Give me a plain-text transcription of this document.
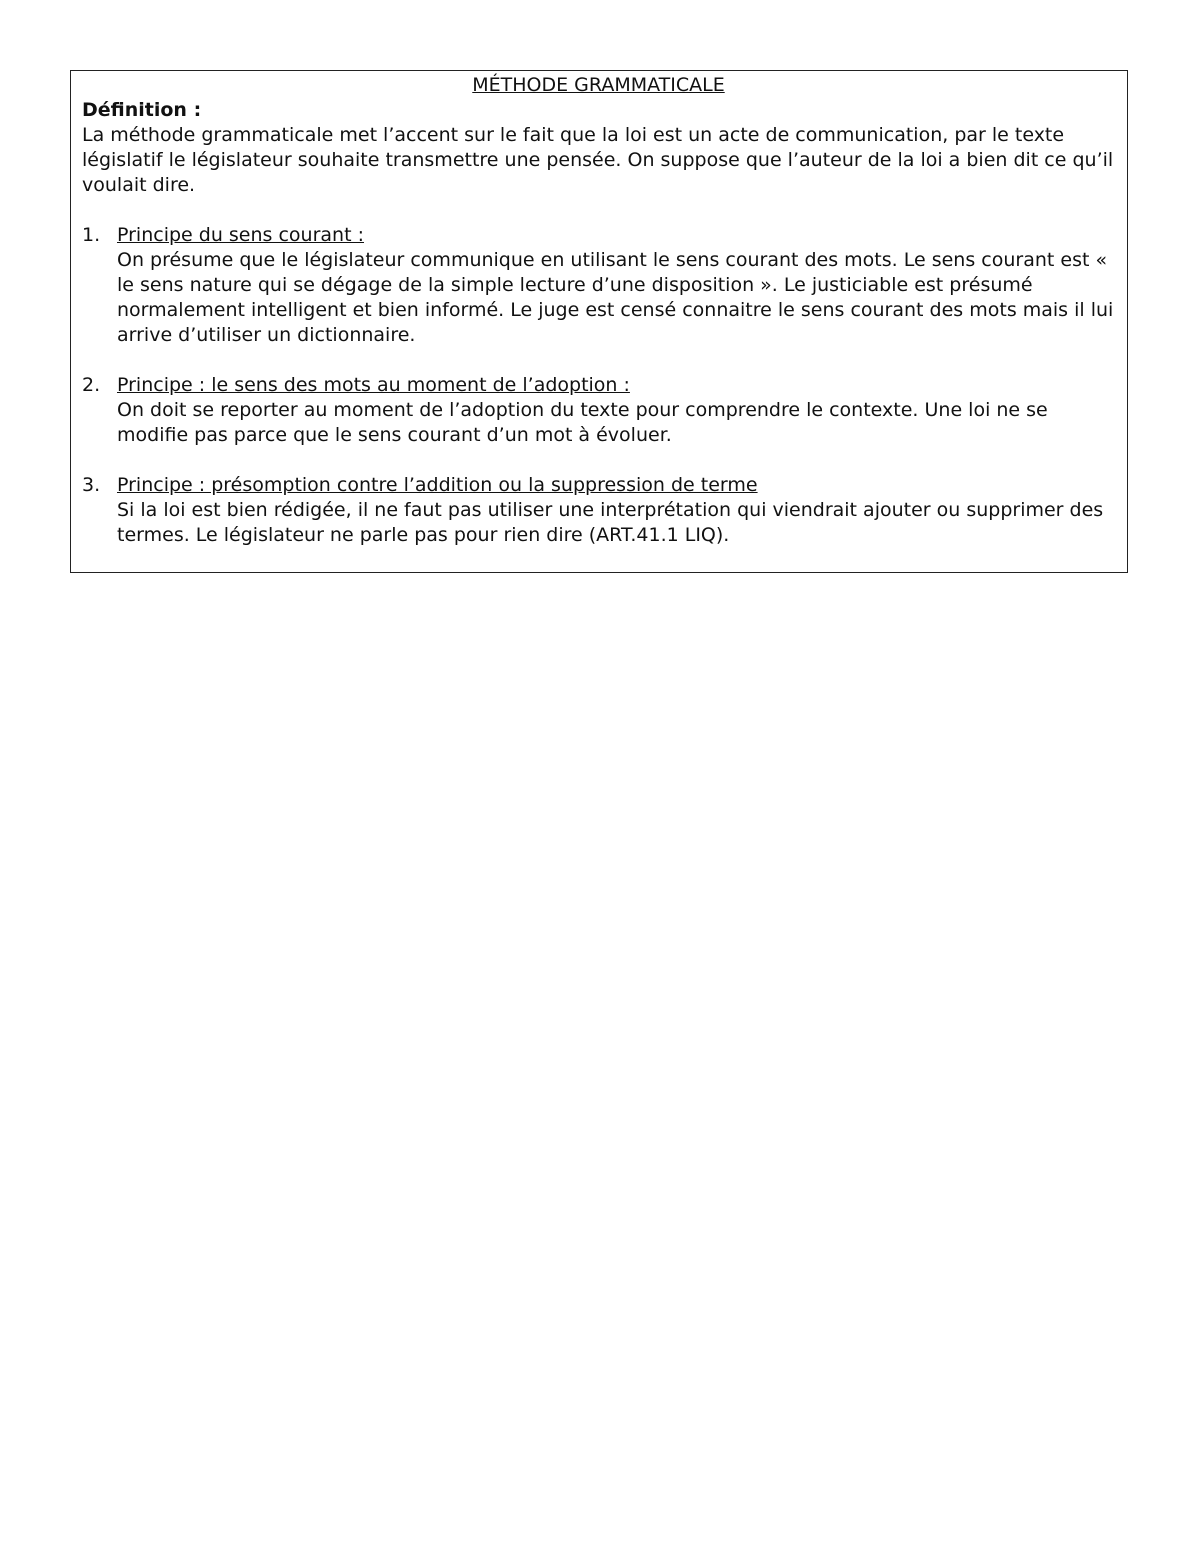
MÉTHODE GRAMMATICALE
Définition :

La méthode grammaticale met l’accent sur le fait que la loi est un acte de communication, par le texte législatif le législateur souhaite transmettre une pensée. On suppose que l’auteur de la loi a bien dit ce qu’il voulait dire.

1. Principe du sens courant :
On présume que le législateur communique en utilisant le sens courant des mots. Le sens courant est « le sens nature qui se dégage de la simple lecture d’une disposition ». Le justiciable est présumé normalement intelligent et bien informé. Le juge est censé connaitre le sens courant des mots mais il lui arrive d’utiliser un dictionnaire.
2. Principe : le sens des mots au moment de l’adoption :
On doit se reporter au moment de l’adoption du texte pour comprendre le contexte. Une loi ne se modifie pas parce que le sens courant d’un mot à évoluer.
3. Principe : présomption contre l’addition ou la suppression de terme
Si la loi est bien rédigée, il ne faut pas utiliser une interprétation qui viendrait ajouter ou supprimer des termes. Le législateur ne parle pas pour rien dire (ART.41.1 LIQ).
